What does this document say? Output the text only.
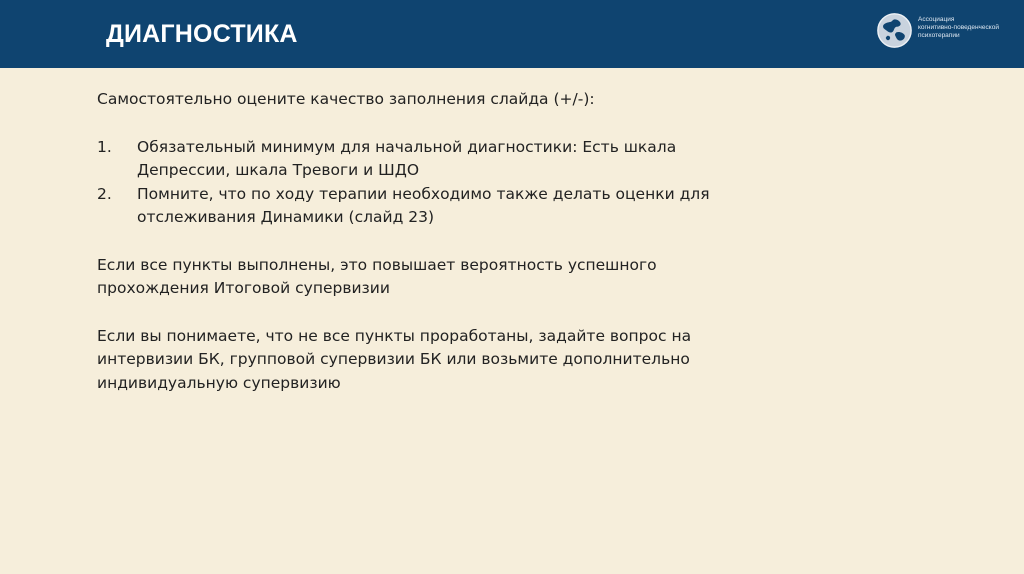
ДИАГНОСТИКА
Ассоциация
когнитивно-поведенческой
психотерапии

Самостоятельно оцените качество заполнения слайда (+/-):

1.	Обязательный минимум для начальной диагностики: Есть шкала Депрессии, шкала Тревоги и ШДО
2.	Помните, что по ходу терапии необходимо также делать оценки для отслеживания Динамики (слайд 23)

Если все пункты выполнены, это повышает вероятность успешного прохождения Итоговой супервизии

Если вы понимаете, что не все пункты проработаны, задайте вопрос на интервизии БК, групповой супервизии БК или возьмите дополнительно индивидуальную супервизию
